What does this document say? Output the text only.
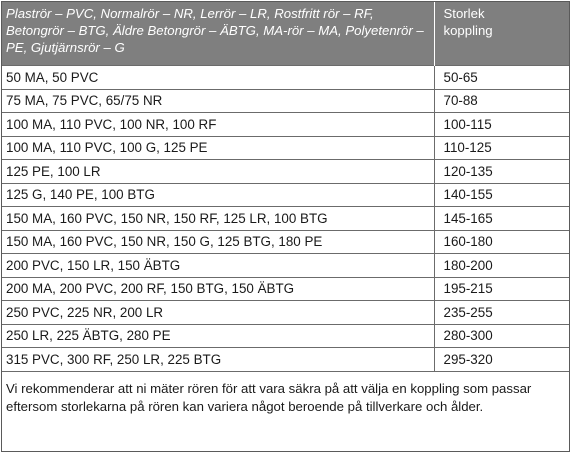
Plaströr – PVC, Normalrör – NR, Lerrör – LR, Rostfritt rör – RF, Betongrör – BTG, Äldre Betongrör – ÄBTG, MA-rör – MA, Polyetenrör – PE, Gjutjärnsrör – G	Storlek
koppling

50 MA, 50 PVC	50-65
75 MA, 75 PVC, 65/75 NR	70-88
100 MA, 110 PVC, 100 NR, 100 RF	100-115
100 MA, 110 PVC, 100 G, 125 PE	110-125
125 PE, 100 LR	120-135
125 G, 140 PE, 100 BTG	140-155
150 MA, 160 PVC, 150 NR, 150 RF, 125 LR, 100 BTG	145-165
150 MA, 160 PVC, 150 NR, 150 G, 125 BTG, 180 PE	160-180
200 PVC, 150 LR, 150 ÄBTG	180-200
200 MA, 200 PVC, 200 RF, 150 BTG, 150 ÄBTG	195-215
250 PVC, 225 NR, 200 LR	235-255
250 LR, 225 ÄBTG, 280 PE	280-300
315 PVC, 300 RF, 250 LR, 225 BTG	295-320
Vi rekommenderar att ni mäter rören för att vara säkra på att välja en koppling som passar eftersom storlekarna på rören kan variera något beroende på tillverkare och ålder.
